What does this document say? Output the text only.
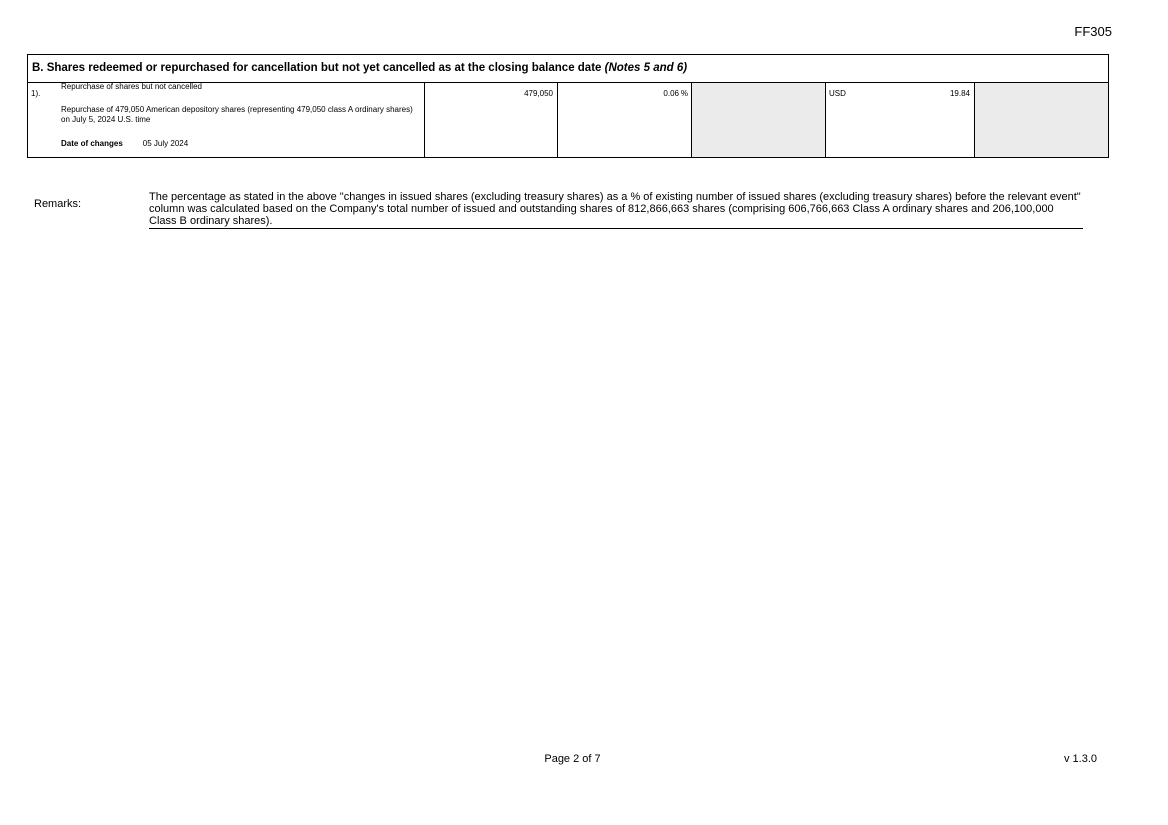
FF305
B. Shares redeemed or repurchased for cancellation but not yet cancelled as at the closing balance date (Notes 5 and 6)
1).
Repurchase of shares but not cancelled
Repurchase of 479,050 American depository shares (representing 479,050 class A ordinary shares) on July 5, 2024 U.S. time
Date of changes	05 July 2024
479,050	0.06 %	USD	19.84
Remarks:
The percentage as stated in the above "changes in issued shares (excluding treasury shares) as a % of existing number of issued shares (excluding treasury shares) before the relevant event" column was calculated based on the Company's total number of issued and outstanding shares of 812,866,663 shares (comprising 606,766,663 Class A ordinary shares and 206,100,000 Class B ordinary shares).
Page 2 of 7	v 1.3.0
